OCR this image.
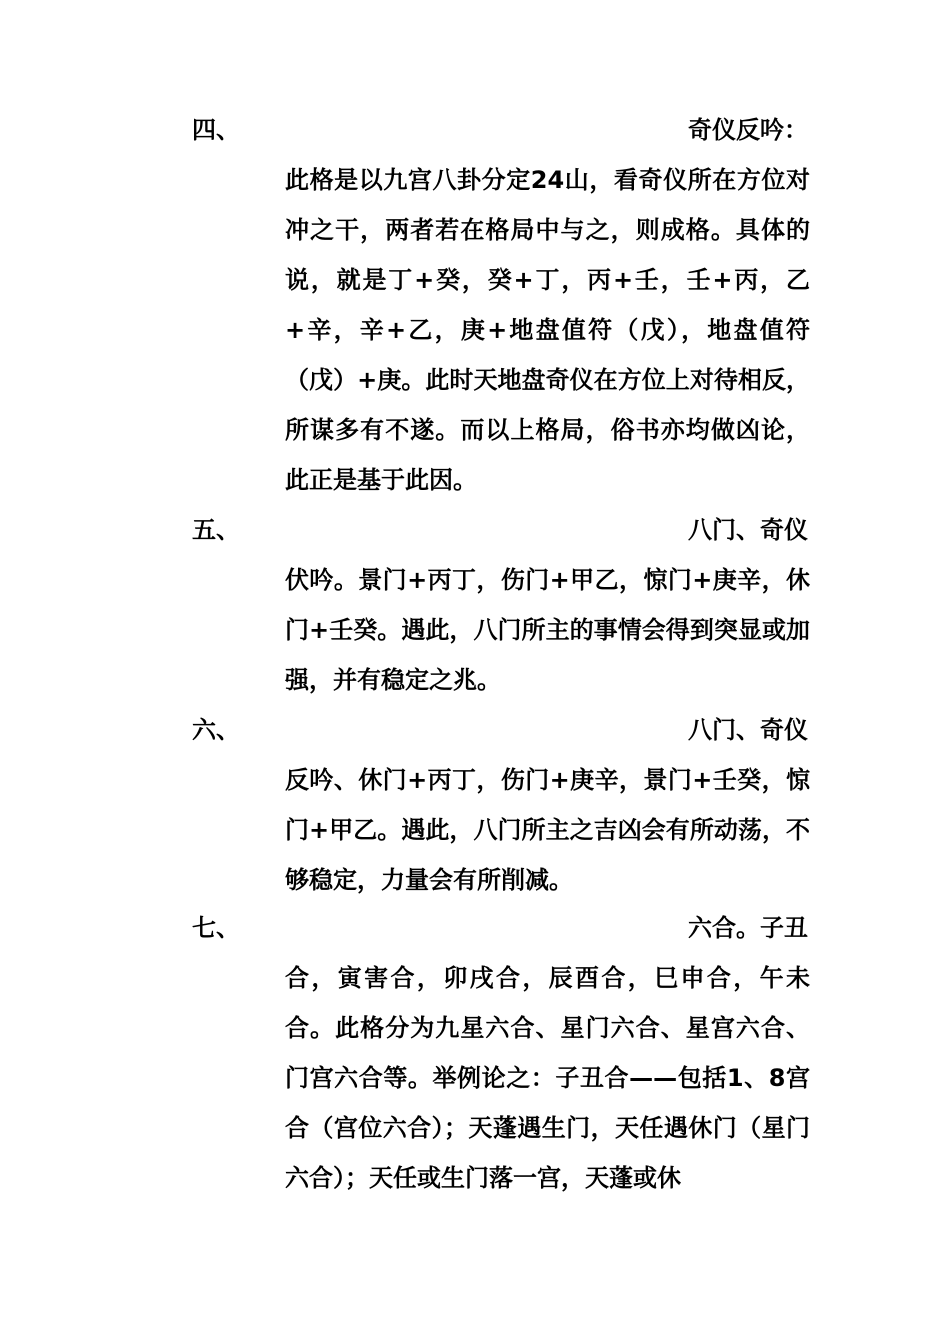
四、	奇仪反吟：
此格是以九宫八卦分定24山，看奇仪所在方位对冲之干，两者若在格局中与之，则成格。具体的说，就是丁+癸，癸+丁，丙+壬，壬+丙，乙+辛，辛+乙，庚+地盘值符（戊），地盘值符（戊）+庚。此时天地盘奇仪在方位上对待相反，所谋多有不遂。而以上格局，俗书亦均做凶论，此正是基于此因。
五、	八门、奇仪
伏吟。景门+丙丁，伤门+甲乙，惊门+庚辛，休门+壬癸。遇此，八门所主的事情会得到突显或加强，并有稳定之兆。
六、	八门、奇仪
反吟、休门+丙丁，伤门+庚辛，景门+壬癸，惊门+甲乙。遇此，八门所主之吉凶会有所动荡，不够稳定，力量会有所削减。
七、	六合。子丑
合，寅害合，卯戌合，辰酉合，巳申合，午未合。此格分为九星六合、星门六合、星宫六合、门宫六合等。举例论之：子丑合——包括1、8宫合（宫位六合）；天蓬遇生门，天任遇休门（星门六合）；天任或生门落一宫，天蓬或休
